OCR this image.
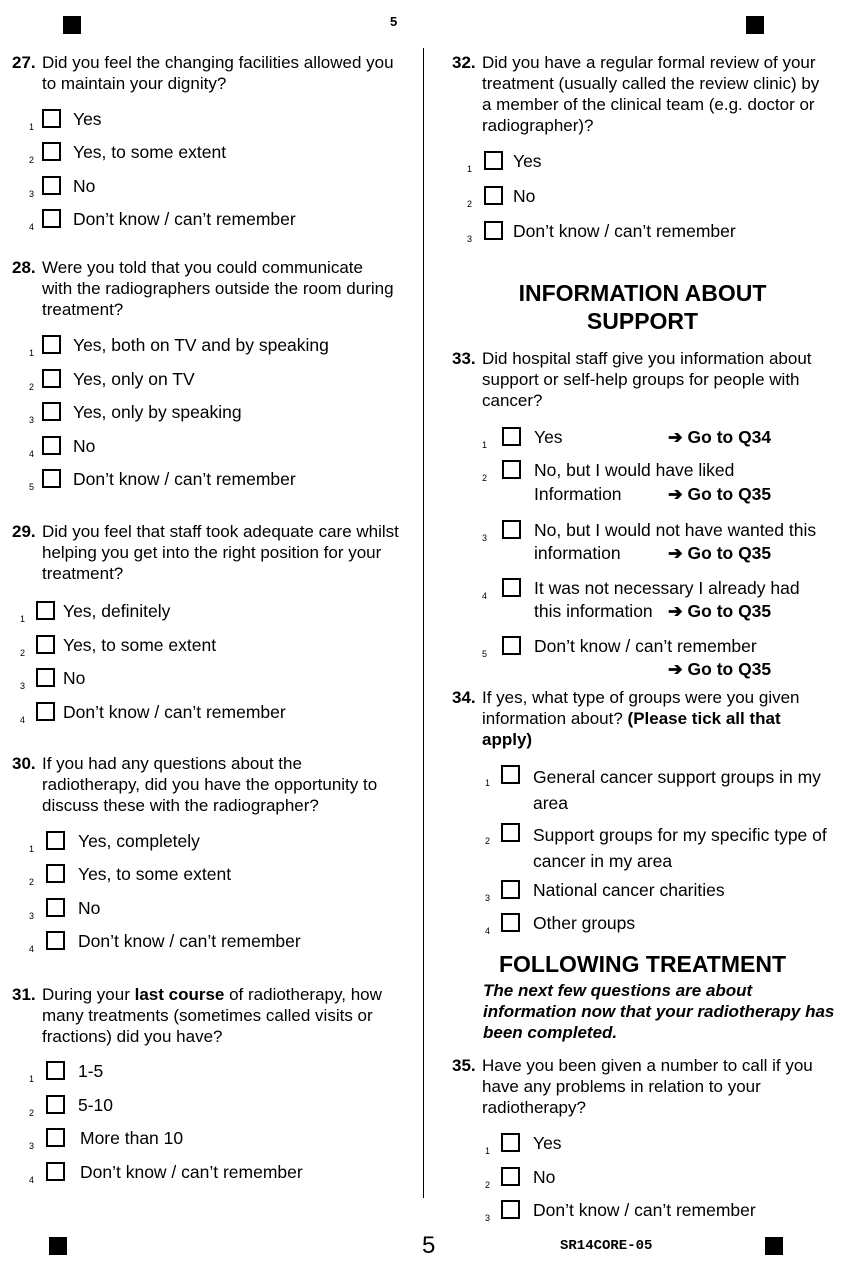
5
5	SR14CORE-05
27. Did you feel the changing facilities allowed you to maintain your dignity?
1 Yes
2 Yes, to some extent
3 No
4 Don’t know / can’t remember
28. Were you told that you could communicate with the radiographers outside the room during treatment?
1 Yes, both on TV and by speaking
2 Yes, only on TV
3 Yes, only by speaking
4 No
5 Don’t know / can’t remember
29. Did you feel that staff took adequate care whilst helping you get into the right position for your treatment?
1 Yes, definitely
2 Yes, to some extent
3 No
4 Don’t know / can’t remember
30. If you had any questions about the radiotherapy, did you have the opportunity to discuss these with the radiographer?
1	Yes, completely
2	Yes, to some extent
3	No
4	Don’t know / can’t remember
31. During your last course of radiotherapy, how many treatments (sometimes called visits or fractions) did you have?
1	1-5
2	5-10
3	More than 10
4	Don’t know / can’t remember
32. Did you have a regular formal review of your treatment (usually called the review clinic) by a member of the clinical team (e.g. doctor or radiographer)?
1 Yes
2 No
3 Don’t know / can’t remember
INFORMATION ABOUT
SUPPORT
33. Did hospital staff give you information about support or self-help groups for people with cancer?
1	Yes	➔ Go to Q34
2	No, but I would have liked
Information	➔ Go to Q35
3	No, but I would not have wanted this
information	➔ Go to Q35
4	It was not necessary I already had
this information ➔ Go to Q35
5	Don’t know / can’t remember
➔ Go to Q35
34. If yes, what type of groups were you given information about? (Please tick all that apply)
1 General cancer support groups in my area
2 Support groups for my specific type of cancer in my area
3 National cancer charities
4 Other groups
FOLLOWING TREATMENT
The next few questions are about information now that your radiotherapy has been completed.
35. Have you been given a number to call if you have any problems in relation to your radiotherapy?
1 Yes
2 No
3 Don’t know / can’t remember
